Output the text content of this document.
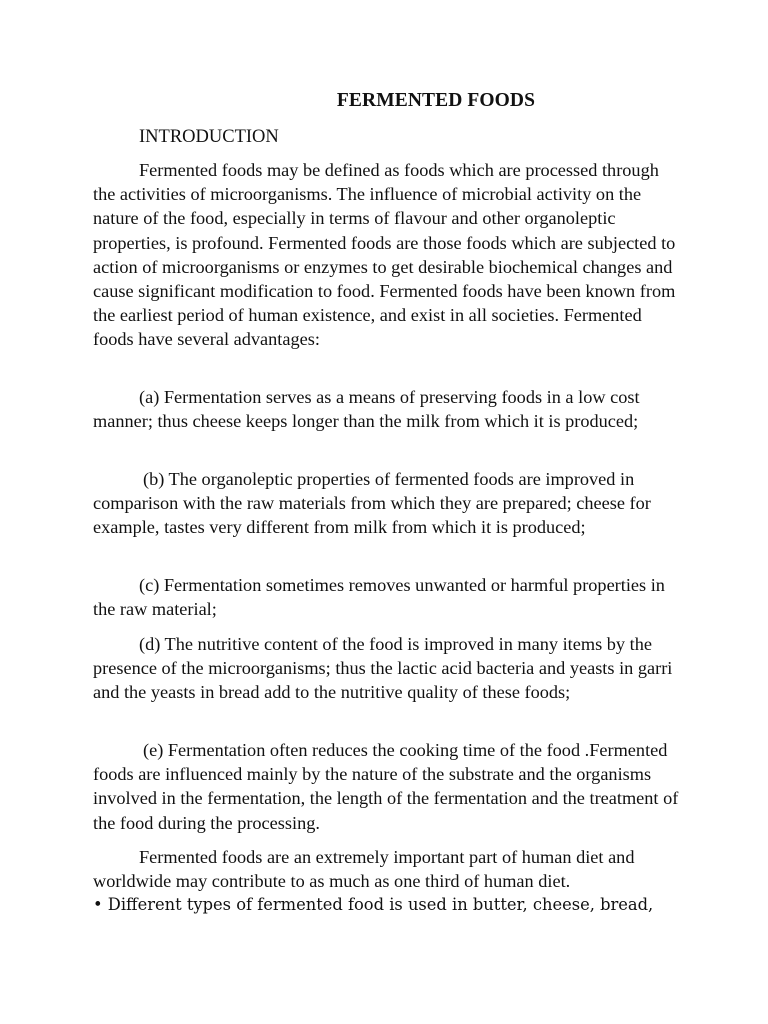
FERMENTED FOODS
INTRODUCTION

Fermented foods may be defined as foods which are processed through the activities of microorganisms. The influence of microbial activity on the nature of the food, especially in terms of flavour and other organoleptic properties, is profound. Fermented foods are those foods which are subjected to action of microorganisms or enzymes to get desirable biochemical changes and cause significant modification to food. Fermented foods have been known from the earliest period of human existence, and exist in all societies. Fermented foods have several advantages:

(a) Fermentation serves as a means of preserving foods in a low cost manner; thus cheese keeps longer than the milk from which it is produced;

(b) The organoleptic properties of fermented foods are improved in comparison with the raw materials from which they are prepared; cheese for example, tastes very different from milk from which it is produced;

(c) Fermentation sometimes removes unwanted or harmful properties in the raw material;

(d) The nutritive content of the food is improved in many items by the presence of the microorganisms; thus the lactic acid bacteria and yeasts in garri and the yeasts in bread add to the nutritive quality of these foods;

(e) Fermentation often reduces the cooking time of the food .Fermented foods are influenced mainly by the nature of the substrate and the organisms involved in the fermentation, the length of the fermentation and the treatment of the food during the processing.

Fermented foods are an extremely important part of human diet and worldwide may contribute to as much as one third of human diet.

• Different types of fermented food is used in butter, cheese, bread,
